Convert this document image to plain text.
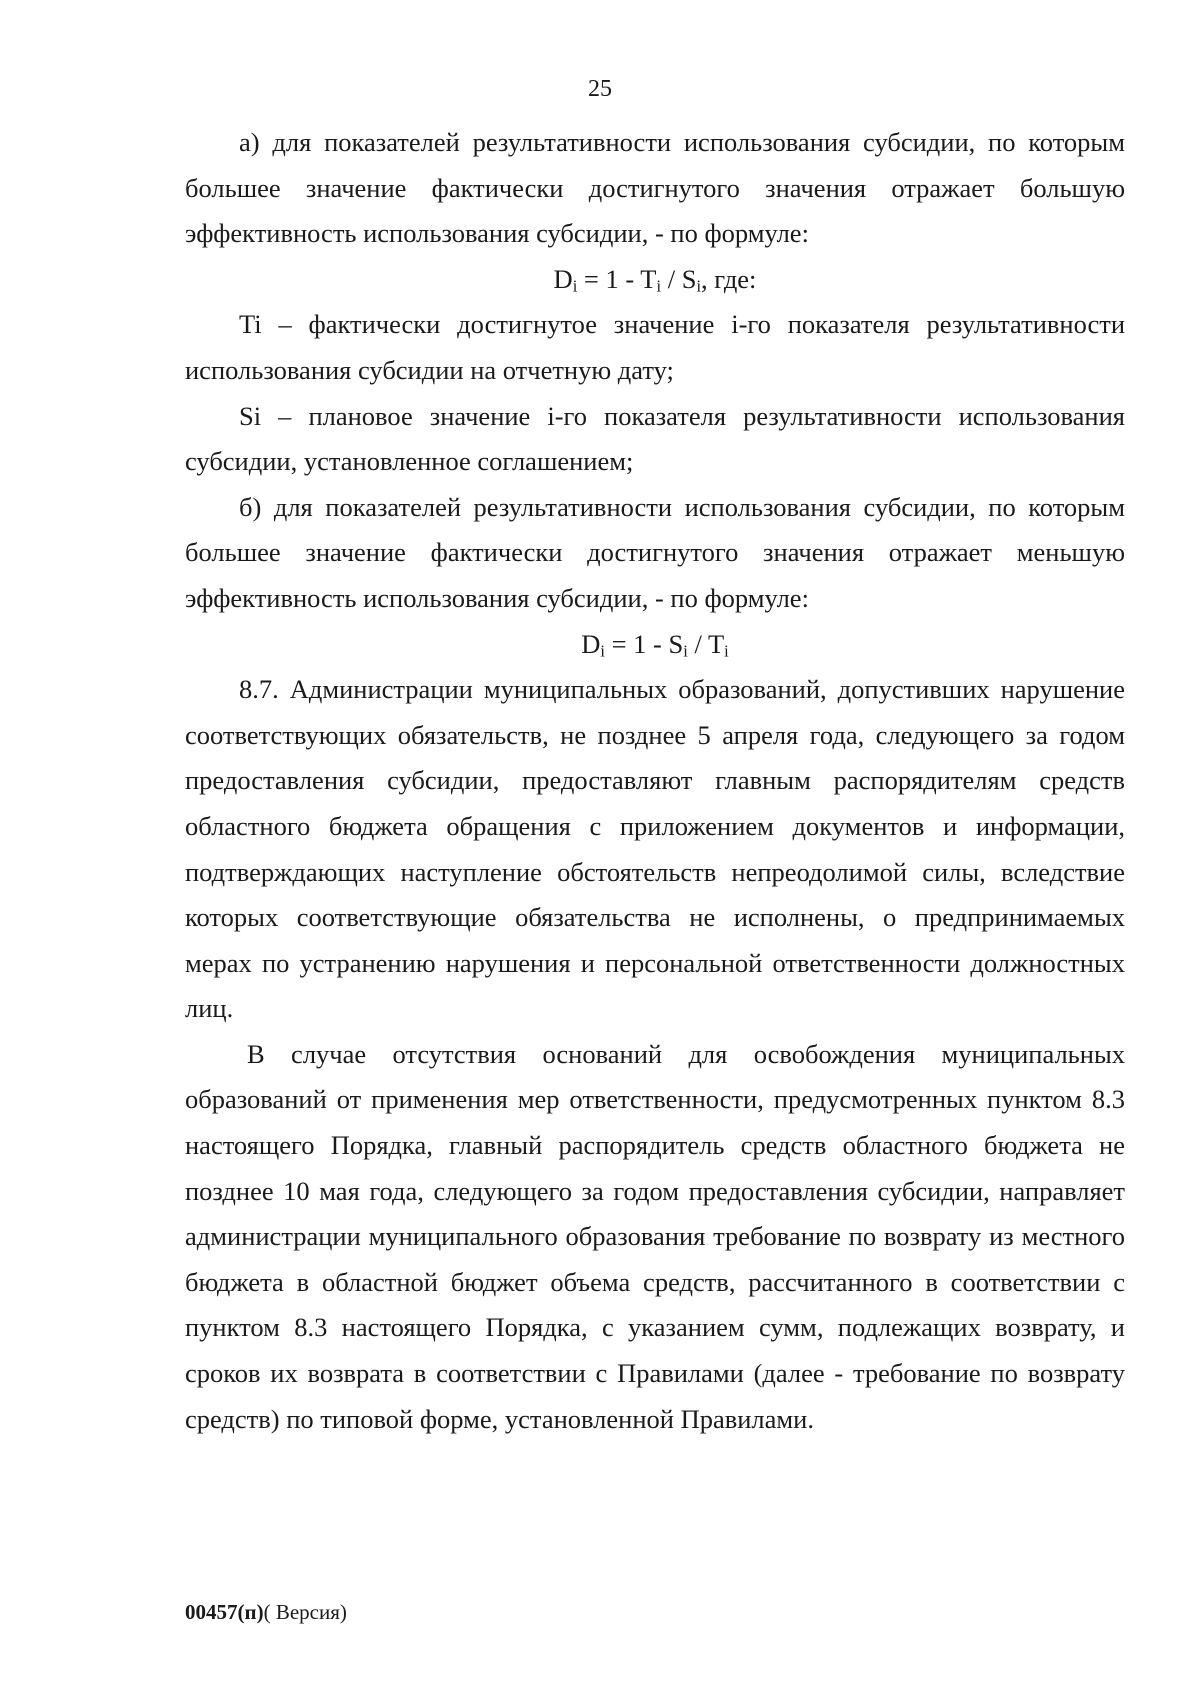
25

а) для показателей результативности использования субсидии, по которым большее значение фактически достигнутого значения отражает большую эффективность использования субсидии, - по формуле:

$D_i = 1 - T_i / S_i$, где:

Ti – фактически достигнутое значение i-го показателя результативности использования субсидии на отчетную дату;

Si – плановое значение i-го показателя результативности использования субсидии, установленное соглашением;

б) для показателей результативности использования субсидии, по которым большее значение фактически достигнутого значения отражает меньшую эффективность использования субсидии, - по формуле:

$D_i = 1 - S_i / T_i$

8.7. Администрации муниципальных образований, допустивших нарушение соответствующих обязательств, не позднее 5 апреля года, следующего за годом предоставления субсидии, предоставляют главным распорядителям средств областного бюджета обращения с приложением документов и информации, подтверждающих наступление обстоятельств непреодолимой силы, вследствие которых соответствующие обязательства не исполнены, о предпринимаемых мерах по устранению нарушения и персональной ответственности должностных лиц.

В случае отсутствия оснований для освобождения муниципальных образований от применения мер ответственности, предусмотренных пунктом 8.3 настоящего Порядка, главный распорядитель средств областного бюджета не позднее 10 мая года, следующего за годом предоставления субсидии, направляет администрации муниципального образования требование по возврату из местного бюджета в областной бюджет объема средств, рассчитанного в соответствии с пунктом 8.3 настоящего Порядка, с указанием сумм, подлежащих возврату, и сроков их возврата в соответствии с Правилами (далее - требование по возврату средств) по типовой форме, установленной Правилами.

00457(п)( Версия)
